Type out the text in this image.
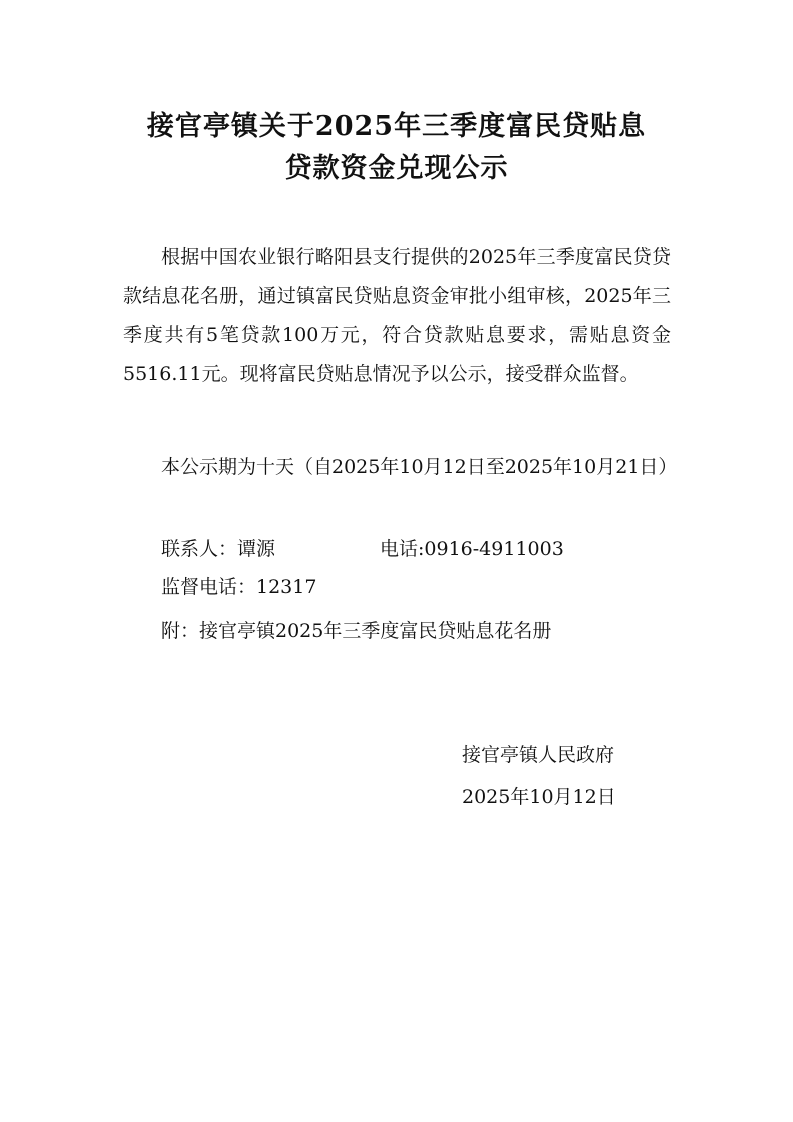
接官亭镇关于2025年三季度富民贷贴息
贷款资金兑现公示

根据中国农业银行略阳县支行提供的2025年三季度富民贷贷款结息花名册，通过镇富民贷贴息资金审批小组审核，2025年三季度共有5笔贷款100万元，符合贷款贴息要求，需贴息资金5516.11元。现将富民贷贴息情况予以公示，接受群众监督。

本公示期为十天（自2025年10月12日至2025年10月21日）

联系人：谭源	电话:0916-4911003

监督电话：12317

附：接官亭镇2025年三季度富民贷贴息花名册

接官亭镇人民政府

2025年10月12日
